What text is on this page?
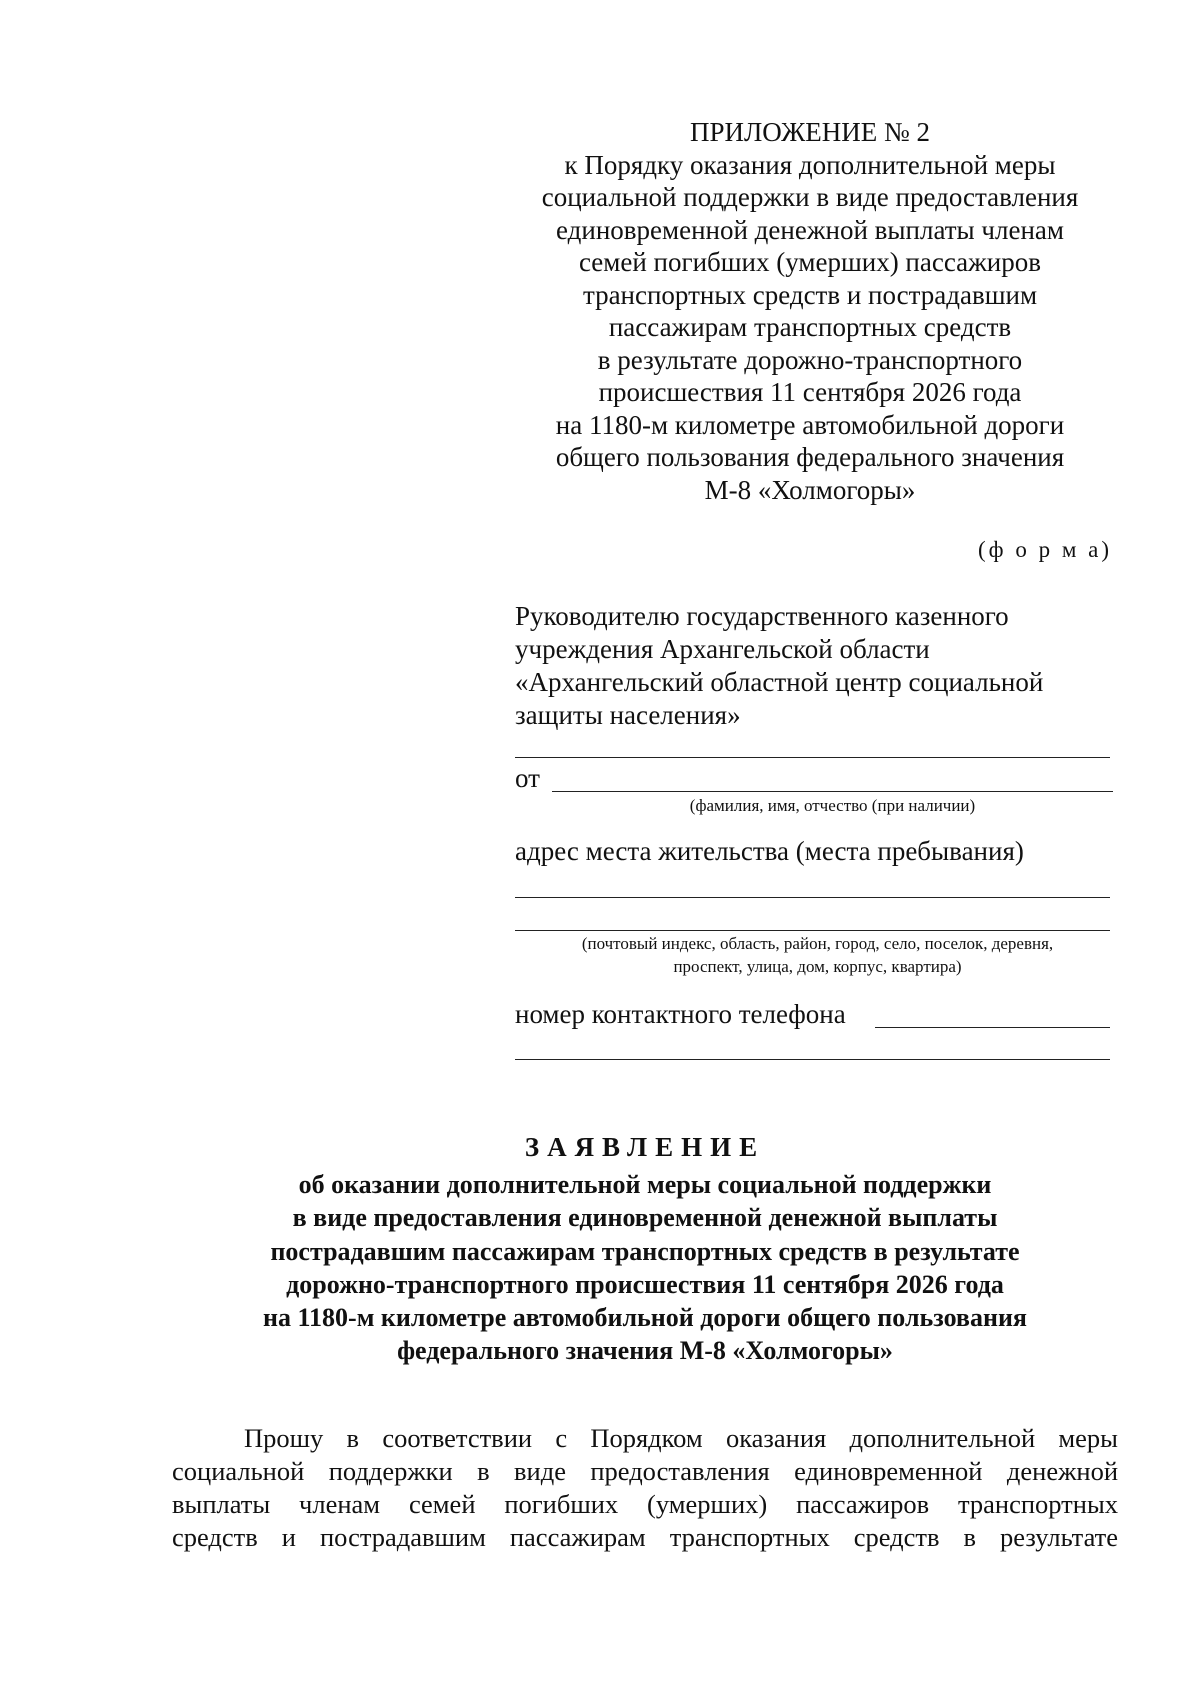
ПРИЛОЖЕНИЕ № 2
к Порядку оказания дополнительной меры
социальной поддержки в виде предоставления
единовременной денежной выплаты членам
семей погибших (умерших) пассажиров
транспортных средств и пострадавшим
пассажирам транспортных средств
в результате дорожно-транспортного
происшествия 11 сентября 2026 года
на 1180-м километре автомобильной дороги
общего пользования федерального значения
М-8 «Холмогоры»
(ф о р м а)
Руководителю государственного казенного
учреждения Архангельской области
«Архангельский областной центр социальной
защиты населения»
от
(фамилия, имя, отчество (при наличии)
адрес места жительства (места пребывания)
(почтовый индекс, область, район, город, село, поселок, деревня,
проспект, улица, дом, корпус, квартира)
номер контактного телефона
ЗАЯВЛЕНИЕ
об оказании дополнительной меры социальной поддержки
в виде предоставления единовременной денежной выплаты
пострадавшим пассажирам транспортных средств в результате
дорожно-транспортного происшествия 11 сентября 2026 года
на 1180-м километре автомобильной дороги общего пользования
федерального значения М-8 «Холмогоры»
Прошу в соответствии с Порядком оказания дополнительной меры
социальной поддержки в виде предоставления единовременной денежной
выплаты членам семей погибших (умерших) пассажиров транспортных
средств и пострадавшим пассажирам транспортных средств в результате
